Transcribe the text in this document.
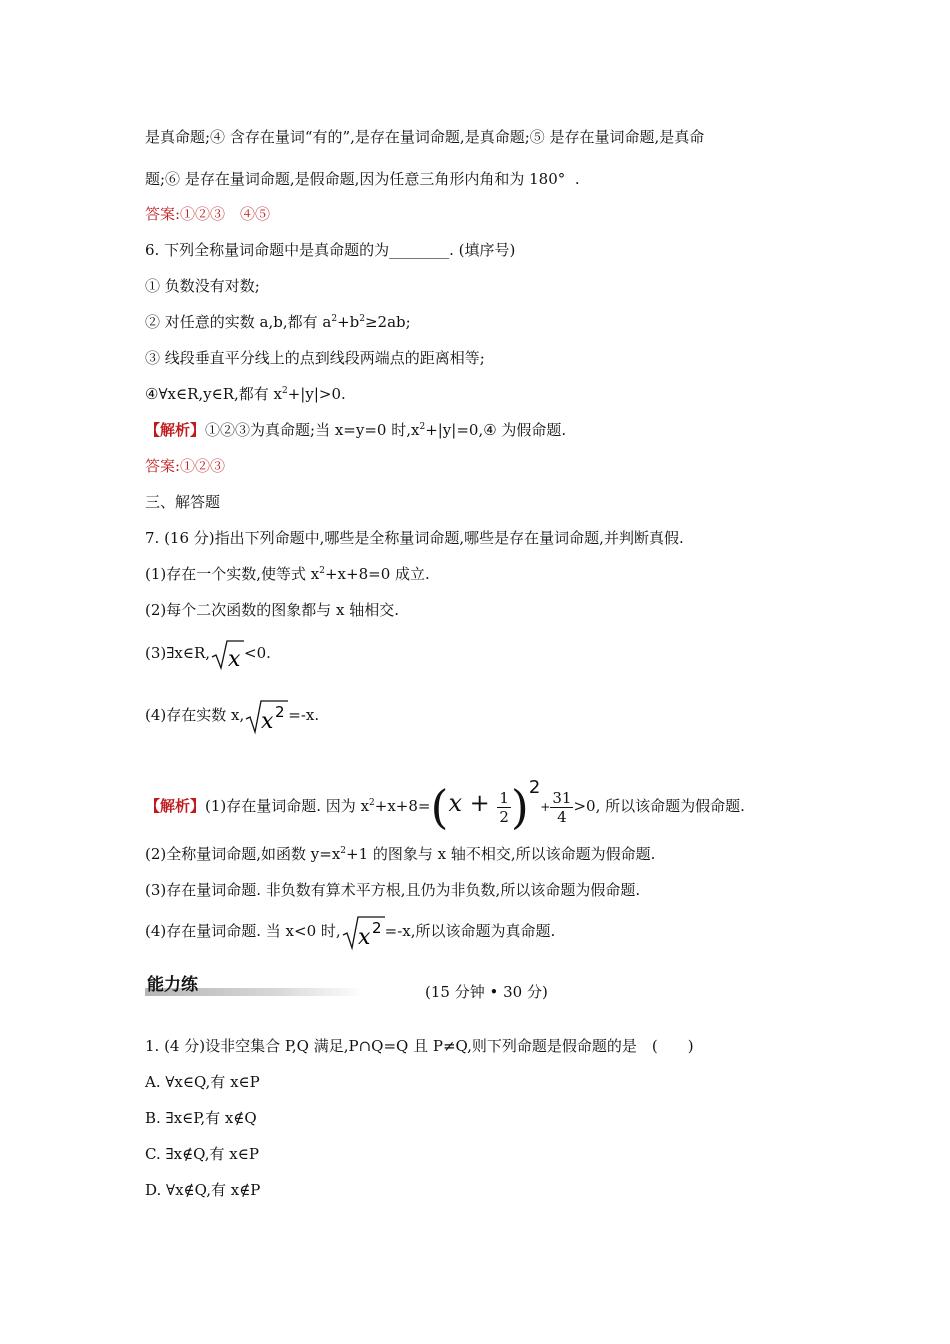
是真命题;④ 含存在量词“有的”,是存在量词命题,是真命题;⑤ 是存在量词命题,是真命
题;⑥ 是存在量词命题,是假命题,因为任意三角形内角和为 180° .
答案:①②③　④⑤
6. 下列全称量词命题中是真命题的为________. (填序号)
① 负数没有对数;
② 对任意的实数 a,b,都有 $a^2+b^2\ge 2ab$;
③ 线段垂直平分线上的点到线段两端点的距离相等;
④∀x∈R,y∈R,都有 $x^2+|y|>0$.
【解析】①②③为真命题;当 x=y=0 时$,x^2+|y|=0,④$ 为假命题.
答案:①②③
三、解答题
7. (16 分)指出下列命题中,哪些是全称量词命题,哪些是存在量词命题,并判断真假.
(1)存在一个实数,使等式 $x^2+x+8=0$ 成立.
(2)每个二次函数的图象都与 x 轴相交.
(3)∃x∈R, x <0.
(4)存在实数 x, x 2 =-x.
【解析】(1)存在量词命题. 因为 $x^2+x+8=(x + \frac{1}{2} )2+ \frac{31}{4} >0$, 所以该命题为假命题.
(2)全称量词命题,如函数 $y=x^2+1$ 的图象与 x 轴不相交,所以该命题为假命题.
(3)存在量词命题. 非负数有算术平方根,且仍为非负数,所以该命题为假命题.
(4)存在量词命题. 当 x<0 时, x 2 =-x,所以该命题为真命题.
能力练	(15 分钟 • 30 分)
1. (4 分)设非空集合 P,Q 满足,P∩Q=Q 且 P≠Q,则下列命题是假命题的是　(　　)
A. ∀x∈Q,有 x∈P
B. ∃x∈P,有 x∉Q
C. ∃x∉Q,有 x∈P
D. ∀x∉Q,有 x∉P
